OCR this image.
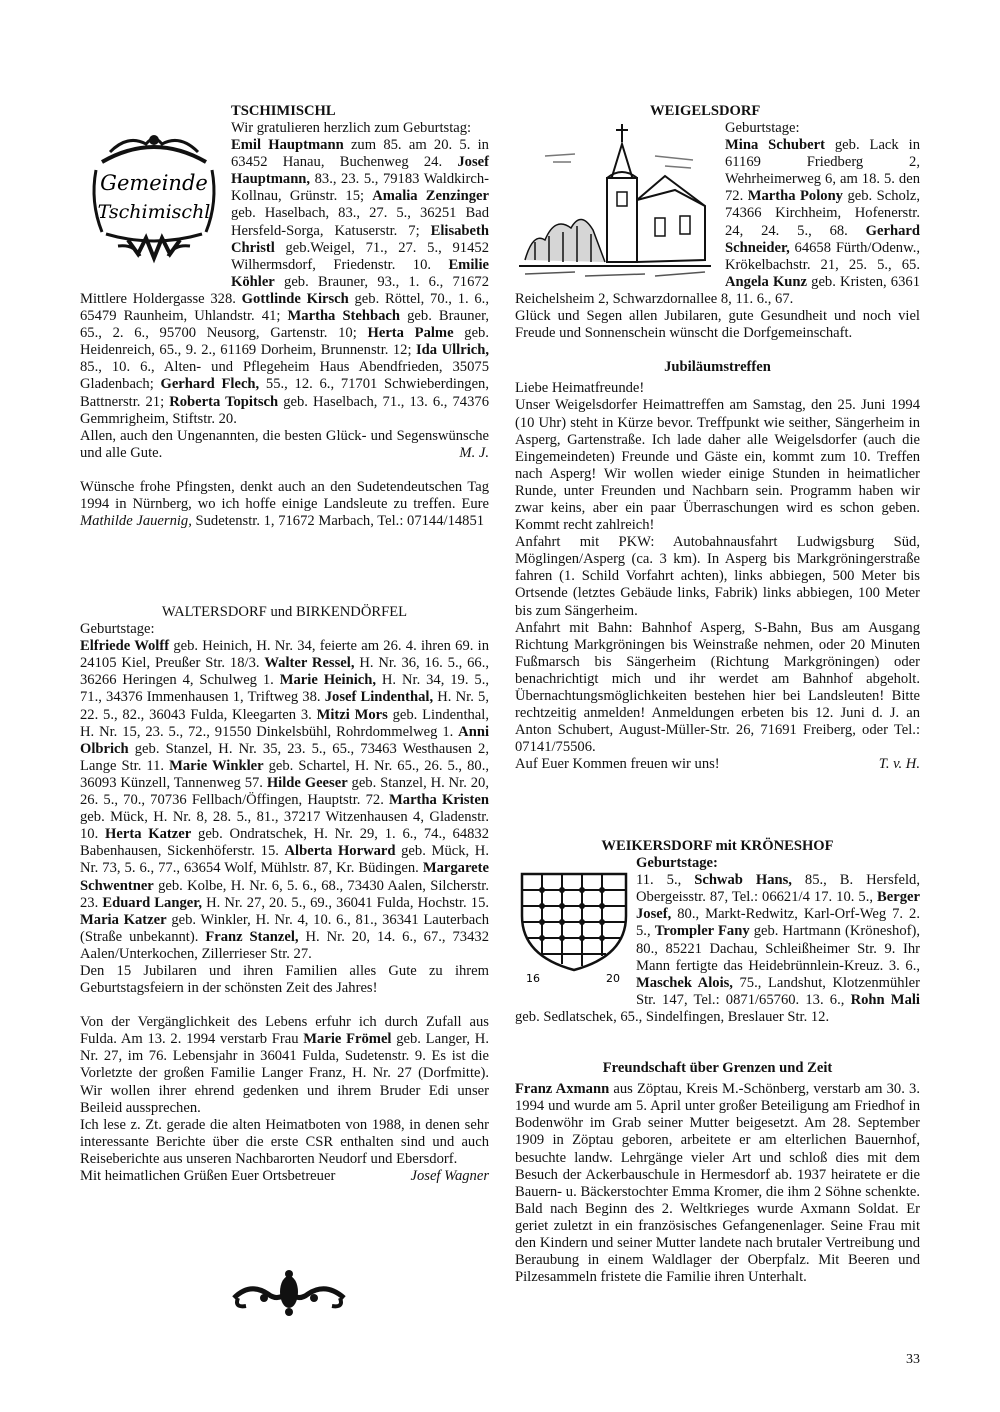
Gemeinde
Tschimischl

TSCHIMISCHL

Wir gratulieren herzlich zum Geburtstag:
Emil Hauptmann zum 85. am 20. 5. in 63452 Hanau, Buchenweg 24. Josef Hauptmann, 83., 23. 5., 79183 Waldkirch-Kollnau, Grünstr. 15; Amalia Zenzinger geb. Haselbach, 83., 27. 5., 36251 Bad Hersfeld-Sorga, Katuserstr. 7; Elisabeth Christl geb.Weigel, 71., 27. 5., 91452 Wilhermsdorf, Friedenstr. 10. Emilie Köhler geb. Brauner, 93., 1. 6., 71672 Mittlere Holdergasse 328. Gottlinde Kirsch geb. Röttel, 70., 1. 6., 65479 Raunheim, Uhlandstr. 41; Martha Stehbach geb. Brauner, 65., 2. 6., 95700 Neusorg, Gartenstr. 10; Herta Palme geb. Heidenreich, 65., 9. 2., 61169 Dorheim, Brunnenstr. 12; Ida Ullrich, 85., 10. 6., Alten- und Pflegeheim Haus Abendfrieden, 35075 Gladenbach; Gerhard Flech, 55., 12. 6., 71701 Schwieberdingen, Battnerstr. 21; Roberta Topitsch geb. Haselbach, 71., 13. 6., 74376 Gemmrigheim, Stiftstr. 20.

Allen, auch den Ungenannten, die besten Glück- und Segenswünsche und alle Gute.	M. J.

Wünsche frohe Pfingsten, denkt auch an den Sudetendeutschen Tag 1994 in Nürnberg, wo ich hoffe einige Landsleute zu treffen. Eure Mathilde Jauernig, Sudetenstr. 1, 71672 Marbach, Tel.: 07144/14851

WALTERSDORF und BIRKENDÖRFEL

Geburtstage:

Elfriede Wolff geb. Heinich, H. Nr. 34, feierte am 26. 4. ihren 69. in 24105 Kiel, Preußer Str. 18/3. Walter Ressel, H. Nr. 36, 16. 5., 66., 36266 Heringen 4, Schulweg 1. Marie Heinich, H. Nr. 34, 19. 5., 71., 34376 Immenhausen 1, Triftweg 38. Josef Lindenthal, H. Nr. 5, 22. 5., 82., 36043 Fulda, Kleegarten 3. Mitzi Mors geb. Lindenthal, H. Nr. 15, 23. 5., 72., 91550 Dinkelsbühl, Rohrdommelweg 1. Anni Olbrich geb. Stanzel, H. Nr. 35, 23. 5., 65., 73463 Westhausen 2, Lange Str. 11. Marie Winkler geb. Schartel, H. Nr. 65., 26. 5., 80., 36093 Künzell, Tannenweg 57. Hilde Geeser geb. Stanzel, H. Nr. 20, 26. 5., 70., 70736 Fellbach/Öffingen, Hauptstr. 72. Martha Kristen geb. Mück, H. Nr. 8, 28. 5., 81., 37217 Witzenhausen 4, Gladenstr. 10. Herta Katzer geb. Ondratschek, H. Nr. 29, 1. 6., 74., 64832 Babenhausen, Sickenhöferstr. 15. Alberta Horward geb. Mück, H. Nr. 73, 5. 6., 77., 63654 Wolf, Mühlstr. 87, Kr. Büdingen. Margarete Schwentner geb. Kolbe, H. Nr. 6, 5. 6., 68., 73430 Aalen, Silcherstr. 23. Eduard Langer, H. Nr. 27, 20. 5., 69., 36041 Fulda, Hochstr. 15. Maria Katzer geb. Winkler, H. Nr. 4, 10. 6., 81., 36341 Lauterbach (Straße unbekannt). Franz Stanzel, H. Nr. 20, 14. 6., 67., 73432 Aalen/Unterkochen, Zillerrieser Str. 27.

Den 15 Jubilaren und ihren Familien alles Gute zu ihrem Geburtstagsfeiern in der schönsten Zeit des Jahres!

Von der Vergänglichkeit des Lebens erfuhr ich durch Zufall aus Fulda. Am 13. 2. 1994 verstarb Frau Marie Frömel geb. Langer, H. Nr. 27, im 76. Lebensjahr in 36041 Fulda, Sudetenstr. 9. Es ist die Vorletzte der großen Familie Langer Franz, H. Nr. 27 (Dorfmitte). Wir wollen ihrer ehrend gedenken und ihrem Bruder Edi unser Beileid aussprechen.

Ich lese z. Zt. gerade die alten Heimatboten von 1988, in denen sehr interessante Berichte über die erste CSR enthalten sind und auch Reiseberichte aus unseren Nachbarorten Neudorf und Ebersdorf.

Mit heimatlichen Grüßen Euer Ortsbetreuer	Josef Wagner

WEIGELSDORF

Geburtstage:
Mina Schubert geb. Lack in 61169 Friedberg 2, Wehrheimerweg 6, am 18. 5. den 72. Martha Polony geb. Scholz, 74366 Kirchheim, Hofenerstr. 24, 24. 5., 68. Gerhard Schneider, 64658 Fürth/Odenw., Krökelbachstr. 21, 25. 5., 65. Angela Kunz geb. Kristen, 6361 Reichelsheim 2, Schwarzdornallee 8, 11. 6., 67.

Glück und Segen allen Jubilaren, gute Gesundheit und noch viel Freude und Sonnenschein wünscht die Dorfgemeinschaft.

Jubiläumstreffen

Liebe Heimatfreunde!

Unser Weigelsdorfer Heimattreffen am Samstag, den 25. Juni 1994 (10 Uhr) steht in Kürze bevor. Treffpunkt wie seither, Sängerheim in Asperg, Gartenstraße. Ich lade daher alle Weigelsdorfer (auch die Eingemeindeten) Freunde und Gäste ein, kommt zum 10. Treffen nach Asperg! Wir wollen wieder einige Stunden in heimatlicher Runde, unter Freunden und Nachbarn sein. Programm haben wir zwar keins, aber ein paar Überraschungen wird es schon geben. Kommt recht zahlreich!

Anfahrt mit PKW: Autobahnausfahrt Ludwigsburg Süd, Möglingen/Asperg (ca. 3 km). In Asperg bis Markgröningerstraße fahren (1. Schild Vorfahrt achten), links abbiegen, 500 Meter bis Ortsende (letztes Gebäude links, Fabrik) links abbiegen, 100 Meter bis zum Sängerheim.

Anfahrt mit Bahn: Bahnhof Asperg, S-Bahn, Bus am Ausgang Richtung Markgröningen bis Weinstraße nehmen, oder 20 Minuten Fußmarsch bis Sängerheim (Richtung Markgröningen) oder benachrichtigt mich und ihr werdet am Bahnhof abgeholt. Übernachtungsmöglichkeiten bestehen hier bei Landsleuten! Bitte rechtzeitig anmelden! Anmeldungen erbeten bis 12. Juni d. J. an Anton Schubert, August-Müller-Str. 26, 71691 Freiberg, oder Tel.: 07141/75506.

Auf Euer Kommen freuen wir uns!	T. v. H.

16	20

WEIKERSDORF mit KRÖNESHOF

Geburtstage:
11. 5., Schwab Hans, 85., B. Hersfeld, Obergeisstr. 87, Tel.: 06621/4 17. 10. 5., Berger Josef, 80., Markt-Redwitz, Karl-Orf-Weg 7. 2. 5., Trompler Fany geb. Hartmann (Kröneshof), 80., 85221 Dachau, Schleißheimer Str. 9. Ihr Mann fertigte das Heidebrünnlein-Kreuz. 3. 6., Maschek Alois, 75., Landshut, Klotzenmühler Str. 147, Tel.: 0871/65760. 13. 6., Rohn Mali geb. Sedlatschek, 65., Sindelfingen, Breslauer Str. 12.

Freundschaft über Grenzen und Zeit

Franz Axmann aus Zöptau, Kreis M.-Schönberg, verstarb am 30. 3. 1994 und wurde am 5. April unter großer Beteiligung am Friedhof in Bodenwöhr im Grab seiner Mutter beigesetzt. Am 28. September 1909 in Zöptau geboren, arbeitete er am elterlichen Bauernhof, besuchte landw. Lehrgänge vieler Art und schloß dies mit dem Besuch der Ackerbauschule in Hermesdorf ab. 1937 heiratete er die Bauern- u. Bäckerstochter Emma Kromer, die ihm 2 Söhne schenkte. Bald nach Beginn des 2. Weltkrieges wurde Axmann Soldat. Er geriet zuletzt in ein französisches Gefangenenlager. Seine Frau mit den Kindern und seiner Mutter landete nach brutaler Vertreibung und Beraubung in einem Waldlager der Oberpfalz. Mit Beeren und Pilzesammeln fristete die Familie ihren Unterhalt.

33
